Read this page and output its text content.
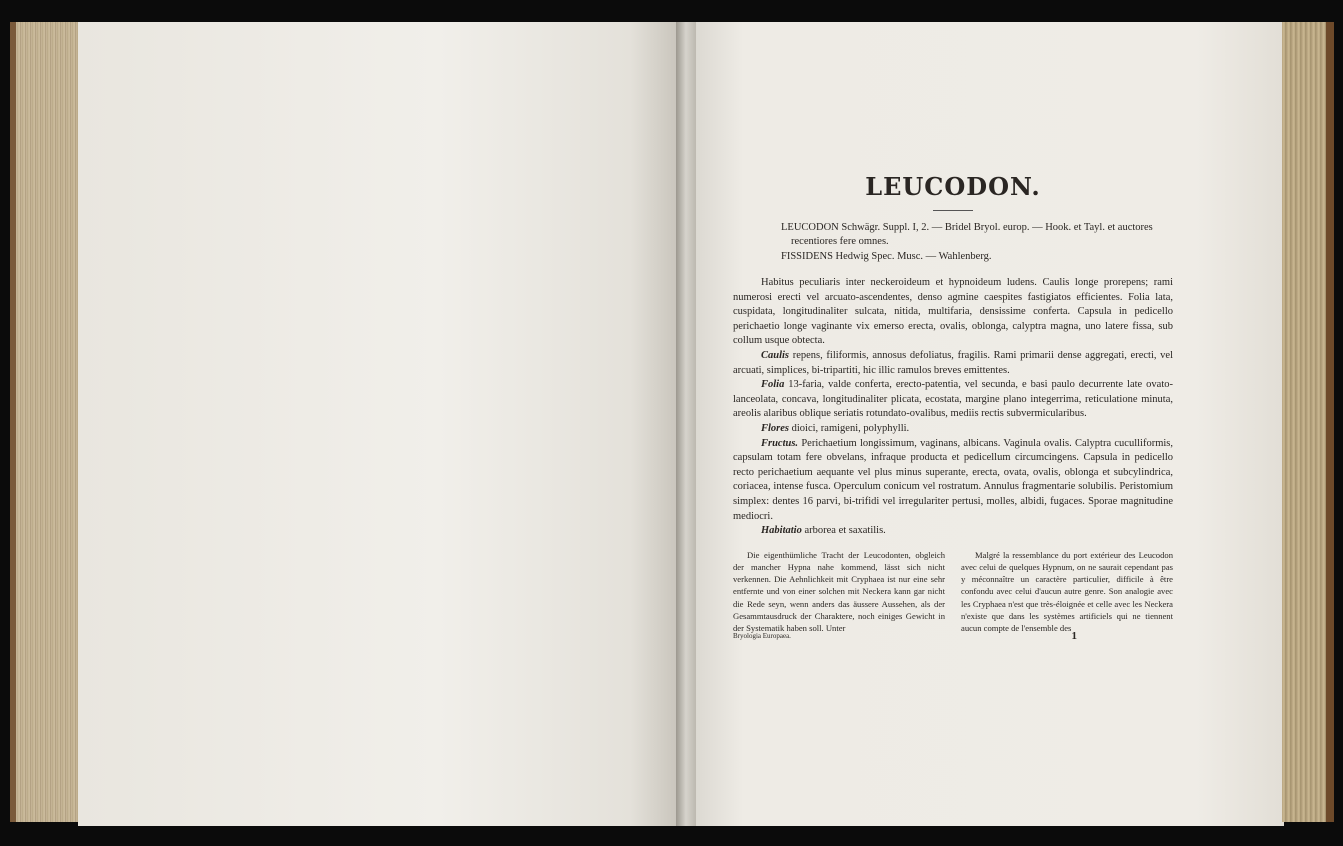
LEUCODON.

LEUCODON Schwägr. Suppl. I, 2. — Bridel Bryol. europ. — Hook. et Tayl. et auctores recentiores fere omnes.

FISSIDENS Hedwig Spec. Musc. — Wahlenberg.

Habitus peculiaris inter neckeroideum et hypnoideum ludens. Caulis longe prorepens; rami numerosi erecti vel arcuato-ascendentes, denso agmine caespites fastigiatos efficientes. Folia lata, cuspidata, longitudinaliter sulcata, nitida, multifaria, densissime conferta. Capsula in pedicello perichaetio longe vaginante vix emerso erecta, ovalis, oblonga, calyptra magna, uno latere fissa, sub collum usque obtecta.

Caulis repens, filiformis, annosus defoliatus, fragilis. Rami primarii dense aggregati, erecti, vel arcuati, simplices, bi-tripartiti, hic illic ramulos breves emittentes.

Folia 13-faria, valde conferta, erecto-patentia, vel secunda, e basi paulo decurrente late ovato-lanceolata, concava, longitudinaliter plicata, ecostata, margine plano integerrima, reticulatione minuta, areolis alaribus oblique seriatis rotundato-ovalibus, mediis rectis subvermicularibus.

Flores dioici, ramigeni, polyphylli.

Fructus. Perichaetium longissimum, vaginans, albicans. Vaginula ovalis. Calyptra cuculliformis, capsulam totam fere obvelans, infraque producta et pedicellum circumcingens. Capsula in pedicello recto perichaetium aequante vel plus minus superante, erecta, ovata, ovalis, oblonga et subcylindrica, coriacea, intense fusca. Operculum conicum vel rostratum. Annulus fragmentarie solubilis. Peristomium simplex: dentes 16 parvi, bi-trifidi vel irregulariter pertusi, molles, albidi, fugaces. Sporae magnitudine mediocri.

Habitatio arborea et saxatilis.

Die eigenthümliche Tracht der Leucodonten, obgleich der mancher Hypna nahe kommend, lässt sich nicht verkennen. Die Aehnlichkeit mit Cryphaea ist nur eine sehr entfernte und von einer solchen mit Neckera kann gar nicht die Rede seyn, wenn anders das äussere Aussehen, als der Gesammtausdruck der Charaktere, noch einiges Gewicht in der Systematik haben soll. Unter

Malgré la ressemblance du port extérieur des Leucodon avec celui de quelques Hypnum, on ne saurait cependant pas y méconnaître un caractère particulier, difficile à être confondu avec celui d'aucun autre genre. Son analogie avec les Cryphaea n'est que très-éloignée et celle avec les Neckera n'existe que dans les systèmes artificiels qui ne tiennent aucun compte de l'ensemble des

Bryologia Europaea.	1
